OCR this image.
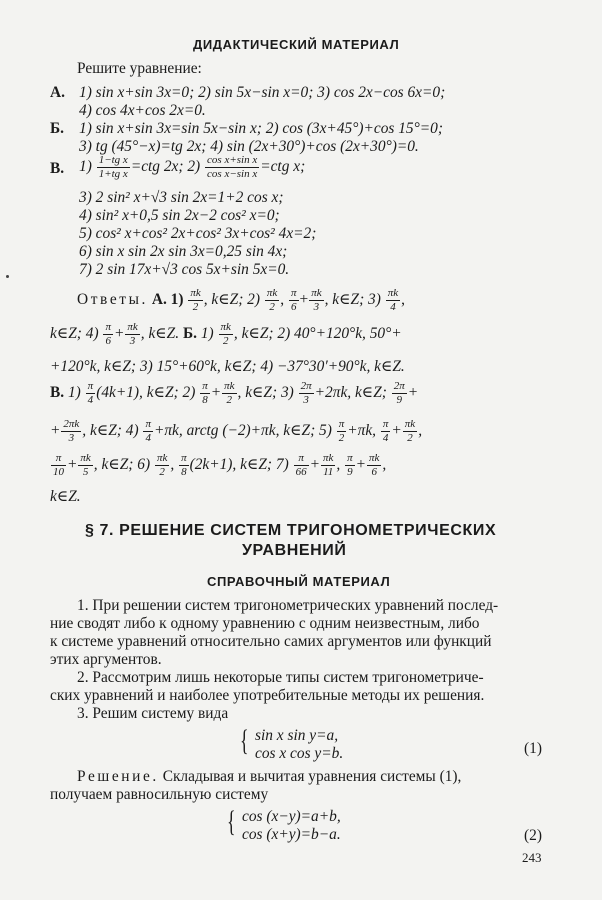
ДИДАКТИЧЕСКИЙ МАТЕРИАЛ
Решите уравнение:
А. 1) sin x+sin 3x=0; 2) sin 5x−sin x=0; 3) cos 2x−cos 6x=0;
4) cos 4x+cos 2x=0.
Б. 1) sin x+sin 3x=sin 5x−sin x; 2) cos (3x+45°)+cos 15°=0;
3) tg (45°−x)=tg 2x; 4) sin (2x+30°)+cos (2x+30°)=0.
В. $1) \frac{\text{1−tg x}}{\text{1+tg x}} =ctg$ 2x; $2) \frac{\text{cos x+sin x}}{\text{cos x−sin x}} =ctg$ x;
3) 2 sin² x+√3 sin 2x=1+2 cos x;
4) sin² x+0,5 sin 2x−2 cos² x=0;
5) cos² x+cos² 2x+cos² 3x+cos² 4x=2;
6) sin x sin 2x sin 3x=0,25 sin 4x;
7) 2 sin 17x+√3 cos 5x+sin 5x=0.
Ответы. А. $1) \frac{\pi k}{2}$ , k∈Z; $2) \frac{\pi k}{2}$ , $\frac{\pi}{6} + \frac{\pi k}{3}$ , k∈Z; $3) \frac{\pi k}{4}$ ,
k∈Z; $4) \frac{\pi}{6} + \frac{\pi k}{3}$ , k∈Z. Б. $1) \frac{\pi k}{2}$ , k∈Z; 2) 40°+120°k, 50°+
+120°k, k∈Z; 3) 15°+60°k, k∈Z; 4) −37°30′+90°k, k∈Z.
В. $1) \frac{\pi}{4} (4k+1)$, k∈Z; $2) \frac{\pi}{8} + \frac{\pi k}{2}$ , k∈Z; $3) \frac{2\pi}{3} +2\pi k$, k∈Z; $\frac{2\pi}{9}$ +
+ $\frac{2\pi k}{3}$ , k∈Z; $4) \frac{\pi}{4} +\pi k$, arctg (−2)+πk, k∈Z; $5) \frac{\pi}{2} +\pi k$, $\frac{\pi}{4} + \frac{\pi k}{2}$ ,
$\frac{\pi}{10} + \frac{\pi k}{5}$ , k∈Z; $6) \frac{\pi k}{2}$ , $\frac{\pi}{8} (2k+1)$, k∈Z; $7) \frac{\pi}{66} + \frac{\pi k}{11}$ , $\frac{\pi}{9} + \frac{\pi k}{6}$ ,
k∈Z.
§ 7. РЕШЕНИЕ СИСТЕМ ТРИГОНОМЕТРИЧЕСКИХ
УРАВНЕНИЙ
СПРАВОЧНЫЙ МАТЕРИАЛ
1. При решении систем тригонометрических уравнений послед-
ние сводят либо к одному уравнению с одним неизвестным, либо
к системе уравнений относительно самих аргументов или функций
этих аргументов.
2. Рассмотрим лишь некоторые типы систем тригонометриче-
ских уравнений и наиболее употребительные методы их решения.
3. Решим систему вида
{ sin x sin y=a,
cos x cos y=b.	(1)
Решение. Складывая и вычитая уравнения системы (1),
получаем равносильную систему
{ cos (x−y)=a+b,
cos (x+y)=b−a.	(2)
243
